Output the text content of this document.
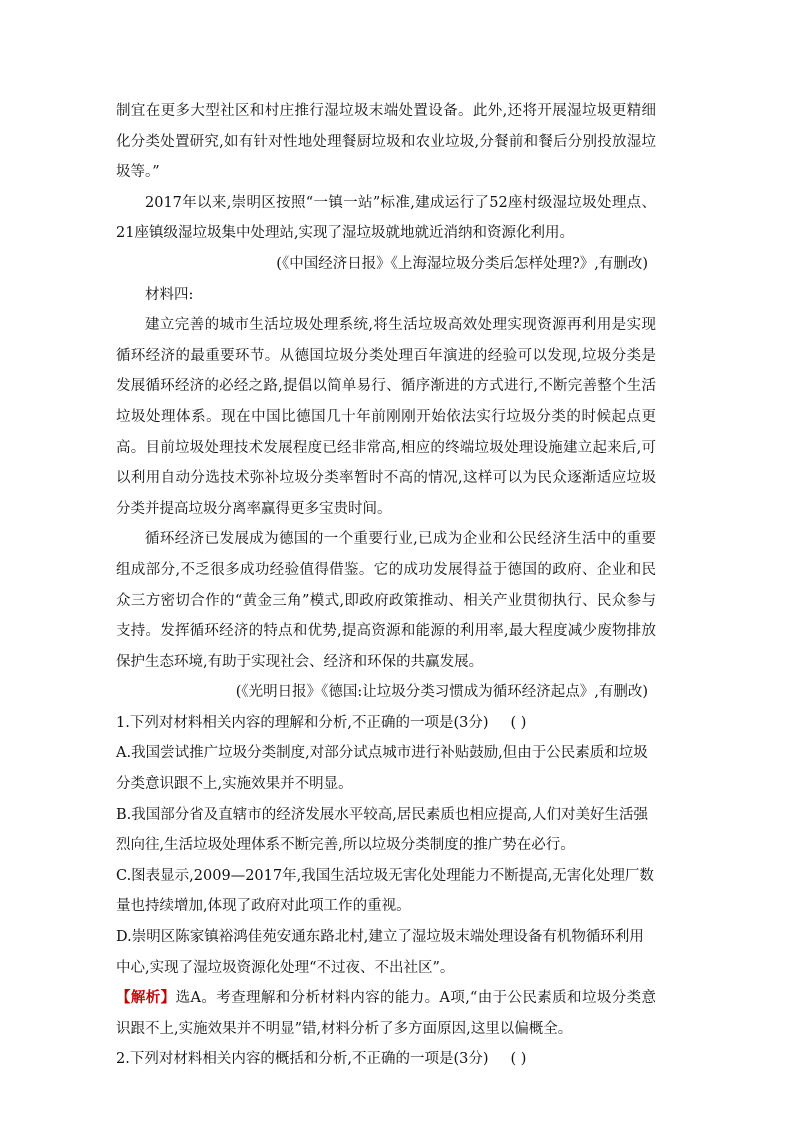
制宜在更多大型社区和村庄推行湿垃圾末端处置设备。此外,还将开展湿垃圾更精细化分类处置研究,如有针对性地处理餐厨垃圾和农业垃圾,分餐前和餐后分别投放湿垃圾等。”

2017年以来,崇明区按照“一镇一站”标准,建成运行了52座村级湿垃圾处理点、21座镇级湿垃圾集中处理站,实现了湿垃圾就地就近消纳和资源化利用。

(《中国经济日报》《上海湿垃圾分类后怎样处理?》,有删改)

材料四:

建立完善的城市生活垃圾处理系统,将生活垃圾高效处理实现资源再利用是实现循环经济的最重要环节。从德国垃圾分类处理百年演进的经验可以发现,垃圾分类是发展循环经济的必经之路,提倡以简单易行、循序渐进的方式进行,不断完善整个生活垃圾处理体系。现在中国比德国几十年前刚刚开始依法实行垃圾分类的时候起点更高。目前垃圾处理技术发展程度已经非常高,相应的终端垃圾处理设施建立起来后,可以利用自动分选技术弥补垃圾分类率暂时不高的情况,这样可以为民众逐渐适应垃圾分类并提高垃圾分离率赢得更多宝贵时间。

循环经济已发展成为德国的一个重要行业,已成为企业和公民经济生活中的重要组成部分,不乏很多成功经验值得借鉴。它的成功发展得益于德国的政府、企业和民众三方密切合作的“黄金三角”模式,即政府政策推动、相关产业贯彻执行、民众参与支持。发挥循环经济的特点和优势,提高资源和能源的利用率,最大程度减少废物排放保护生态环境,有助于实现社会、经济和环保的共赢发展。

(《光明日报》《德国:让垃圾分类习惯成为循环经济起点》,有删改)

1.下列对材料相关内容的理解和分析,不正确的一项是(3分) ( )

A.我国尝试推广垃圾分类制度,对部分试点城市进行补贴鼓励,但由于公民素质和垃圾分类意识跟不上,实施效果并不明显。

B.我国部分省及直辖市的经济发展水平较高,居民素质也相应提高,人们对美好生活强烈向往,生活垃圾处理体系不断完善,所以垃圾分类制度的推广势在必行。

C.图表显示,2009—2017年,我国生活垃圾无害化处理能力不断提高,无害化处理厂数量也持续增加,体现了政府对此项工作的重视。

D.崇明区陈家镇裕鸿佳苑安通东路北村,建立了湿垃圾末端处理设备有机物循环利用中心,实现了湿垃圾资源化处理“不过夜、不出社区”。

【解析】选A。考查理解和分析材料内容的能力。A项,“由于公民素质和垃圾分类意识跟不上,实施效果并不明显”错,材料分析了多方面原因,这里以偏概全。

2.下列对材料相关内容的概括和分析,不正确的一项是(3分) ( )
